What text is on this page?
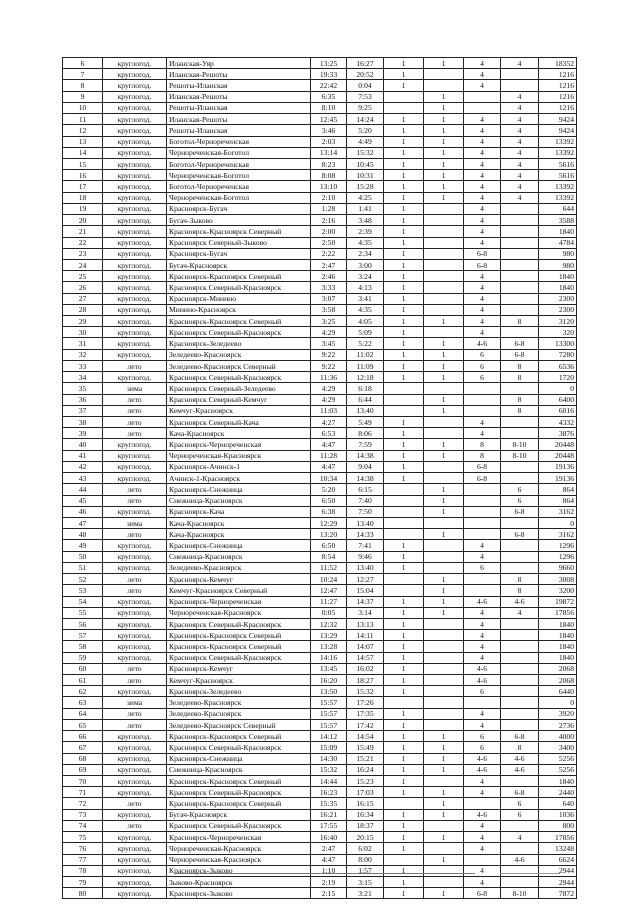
6	круглогод.	Иланская-Уяр	13:25	16:27	1	1	4	4	18352
7	круглогод.	Иланская-Решоты	19:33	20:52	1		4		1216
8	круглогод.	Решоты-Иланская	22:42	0:04	1		4		1216
9	круглогод.	Иланская-Решоты	6:35	7:53		1		4	1216
10	круглогод.	Решоты-Иланская	8:10	9:25		1		4	1216
11	круглогод.	Иланская-Решоты	12:45	14:24	1	1	4	4	9424
12	круглогод.	Решоты-Иланская	3:46	5:20	1	1	4	4	9424
13	круглогод.	Боготол-Чернореченская	2:03	4:49	1	1	4	4	13392
14	круглогод.	Чернореченская-Боготол	13:14	15:32	1	1	4	4	13392
15	круглогод.	Боготол-Чернореченская	8:23	10:45	1	1	4	4	5616
16	круглогод.	Чернореченская-Боготол	8:08	10:31	1	1	4	4	5616
17	круглогод.	Боготол-Чернореченская	13:10	15:28	1	1	4	4	13392
18	круглогод.	Чернореченская-Боготол	2:10	4:25	1	1	4	4	13392
19	круглогод.	Красноярск-Бугач	1:28	1:41	1		4		644
20	круглогод.	Бугач-Зыково	2:16	3:48	1		4		3588
21	круглогод.	Красноярск-Красноярск Северный	2:00	2:39	1		4		1840
22	круглогод.	Красноярск Северный-Зыково	2:50	4:35	1		4		4784
23	круглогод.	Красноярск-Бугач	2:22	2:34	1		6-8		980
24	круглогод.	Бугач-Красноярск	2:47	3:00	1		6-8		980
25	круглогод.	Красноярск-Красноярск Северный	2:46	3:24	1		4		1840
26	круглогод.	Красноярск Северный-Красноярск	3:33	4:13	1		4		1840
27	круглогод.	Красноярск-Минино	3:07	3:41	1		4		2300
28	круглогод.	Минино-Красноярск	3:58	4:35	1		4		2300
29	круглогод.	Красноярск-Красноярск Северный	3:25	4:05	1	1	4	8	3120
30	круглогод.	Красноярск Северный-Красноярск	4:29	5:09	1		4		320
31	круглогод.	Красноярск-Зеледеево	3:45	5:22	1	1	4-6	6-8	13300
32	круглогод.	Зеледеево-Красноярск	9:22	11:02	1	1	6	6-8	7280
33	лето	Зеледеево-Красноярск Северный	9:22	11:09	1	1	6	8	6536
34	круглогод.	Красноярск Северный-Красноярск	11:36	12:18	1	1	6	8	1720
35	зима	Красноярск Северный-Зеледеево	4:29	6:18					0
36	лето	Красноярск Северный-Кемчуг	4:29	6:44		1		8	6400
37	лето	Кемчуг-Красноярск	11:03	13:40		1		8	6016
38	лето	Красноярск Северный-Кача	4:27	5:49	1		4		4332
39	лето	Кача-Красноярск	6:53	8:06	1		4		3876
40	круглогод.	Красноярск-Чернореченская	4:47	7:59	1	1	8	8-10	20448
41	круглогод.	Чернореченская-Красноярск	11:28	14:38	1	1	8	8-10	20448
42	круглогод.	Красноярск-Ачинск-1	4:47	9:04	1		6-8		19136
43	круглогод.	Ачинск-1-Красноярск	10:34	14:38	1		6-8		19136
44	лето	Красноярск-Снежница	5:20	6:15		1		6	864
45	лето	Снежница-Красноярск	6:50	7:40		1		6	864
46	круглогод.	Красноярск-Кача	6:38	7:50		1		6-8	3162
47	зима	Кача-Красноярск	12:29	13:40					0
48	лето	Кача-Красноярск	13:20	14:33		1		6-8	3162
49	круглогод.	Красноярск-Снежница	6:50	7:41	1		4		1296
50	круглогод.	Снежница-Красноярск	8:54	9:46	1		4		1296
51	круглогод.	Зеледеево-Красноярск	11:52	13:40	1		6		9660
52	лето	Красноярск-Кемчуг	10:24	12:27		1		8	3008
53	лето	Кемчуг-Красноярск Северный	12:47	15:04		1		8	3200
54	круглогод.	Красноярск-Чернореченская	11:27	14:37	1	1	4-6	4-6	19872
55	круглогод.	Чернореченская-Красноярск	0:05	3:14	1	1	4	4	17856
56	круглогод.	Красноярск Северный-Красноярск	12:32	13:13	1		4		1840
57	круглогод.	Красноярск-Красноярск Северный	13:29	14:11	1		4		1840
58	круглогод.	Красноярск-Красноярск Северный	13:28	14:07	1		4		1840
59	круглогод.	Красноярск Северный-Красноярск	14:16	14:57	1		4		1840
60	лето	Красноярск-Кемчуг	13:45	16:02	1		4-6		2068
61	лето	Кемчуг-Красноярск	16:20	18:27	1		4-6		2068
62	круглогод.	Красноярск-Зеледеево	13:50	15:32	1		6		6440
63	зима	Зеледеево-Красноярск	15:57	17:26					0
64	лето	Зеледеево-Красноярск	15:57	17:35	1		4		3920
65	лето	Зеледеево-Красноярск Северный	15:57	17:42	1		4		2736
66	круглогод.	Красноярск-Красноярск Северный	14:12	14:54	1	1	6	6-8	4000
67	круглогод.	Красноярск Северный-Красноярск	15:09	15:49	1	1	6	8	3400
68	круглогод.	Красноярск-Снежница	14:30	15:21	1	1	4-6	4-6	5256
69	круглогод.	Снежница-Красноярск	15:32	16:24	1	1	4-6	4-6	5256
70	круглогод.	Красноярск-Красноярск Северный	14:44	15:23	1		4		1840
71	круглогод.	Красноярск Северный-Красноярск	16:23	17:03	1	1	4	6-8	2440
72	лето	Красноярск-Красноярск Северный	15:35	16:15		1		6	640
73	круглогод.	Бугач-Красноярск	16:21	16:34	1	1	4-6	6	1036
74	лето	Красноярск Северный-Красноярск	17:55	18:37	1		4		800
75	круглогод.	Красноярск-Чернореченская	16:40	20:15	1	1	4	4	17856
76	круглогод.	Чернореченская-Красноярск	2:47	6:02	1		4		13248
77	круглогод.	Чернореченская-Красноярск	4:47	8:00		1		4-6	6624
78	круглогод.	Красноярск-Зыково	1:10	1:57	1		4		2944
79	круглогод.	Зыково-Красноярск	2:19	3:15	1		4		2944
80	круглогод.	Красноярск-Зыково	2:15	3:21	1	1	6-8	8-10	7872
